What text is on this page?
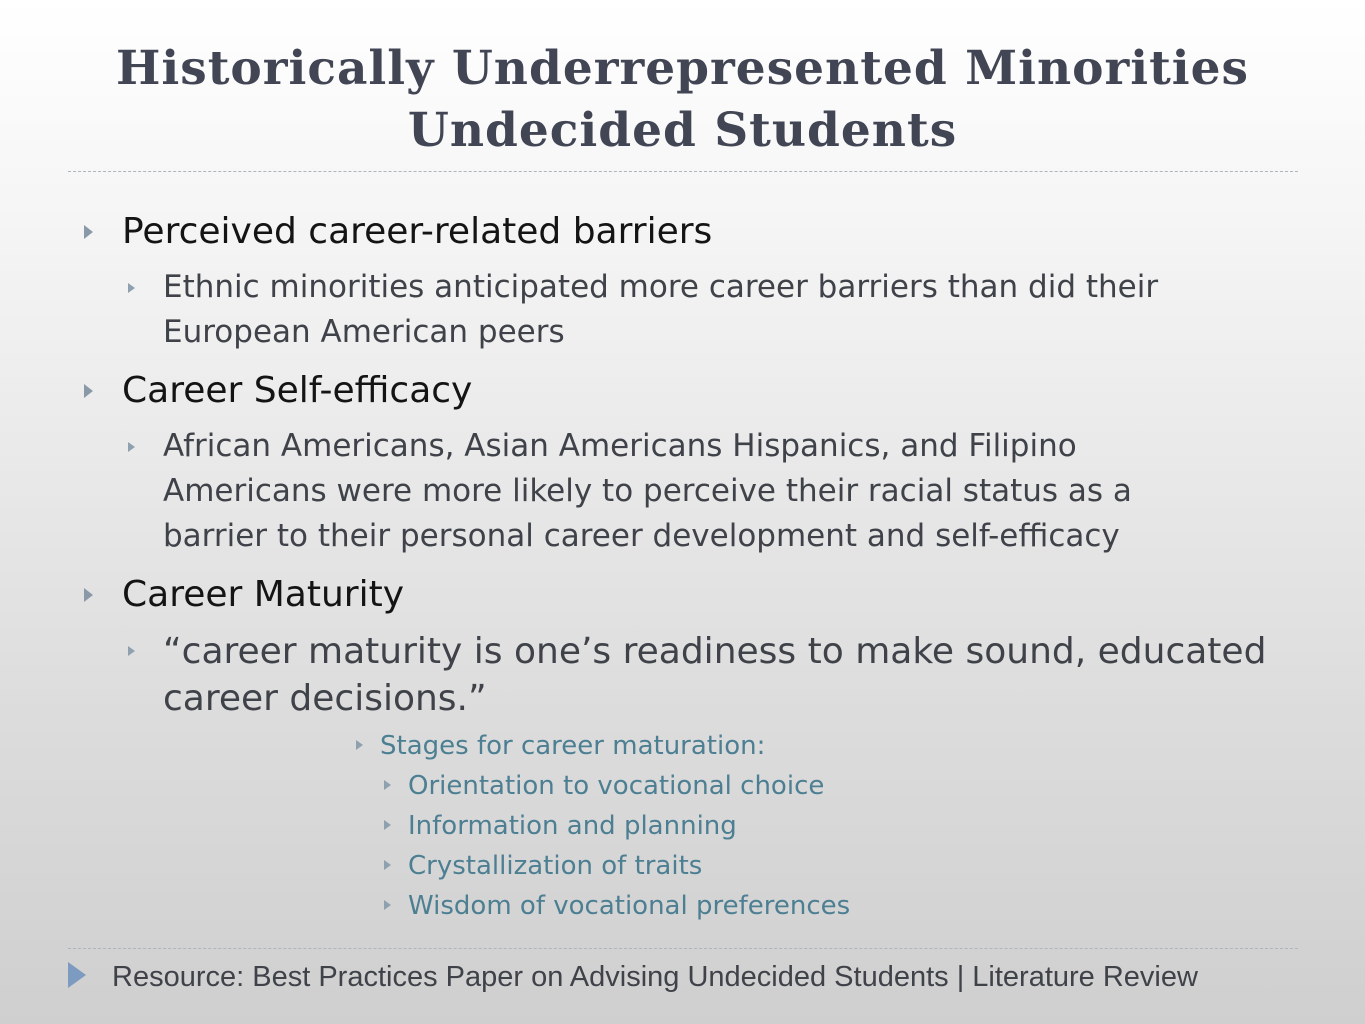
Historically Underrepresented Minorities
Undecided Students
Perceived career-related barriers
Ethnic minorities anticipated more career barriers than did their
European American peers
Career Self-efficacy
African Americans, Asian Americans Hispanics, and Filipino
Americans were more likely to perceive their racial status as a
barrier to their personal career development and self-efficacy
Career Maturity
“career maturity is one’s readiness to make sound, educated
career decisions.”
Stages for career maturation:
Orientation to vocational choice
Information and planning
Crystallization of traits
Wisdom of vocational preferences
Resource: Best Practices Paper on Advising Undecided Students | Literature Review
